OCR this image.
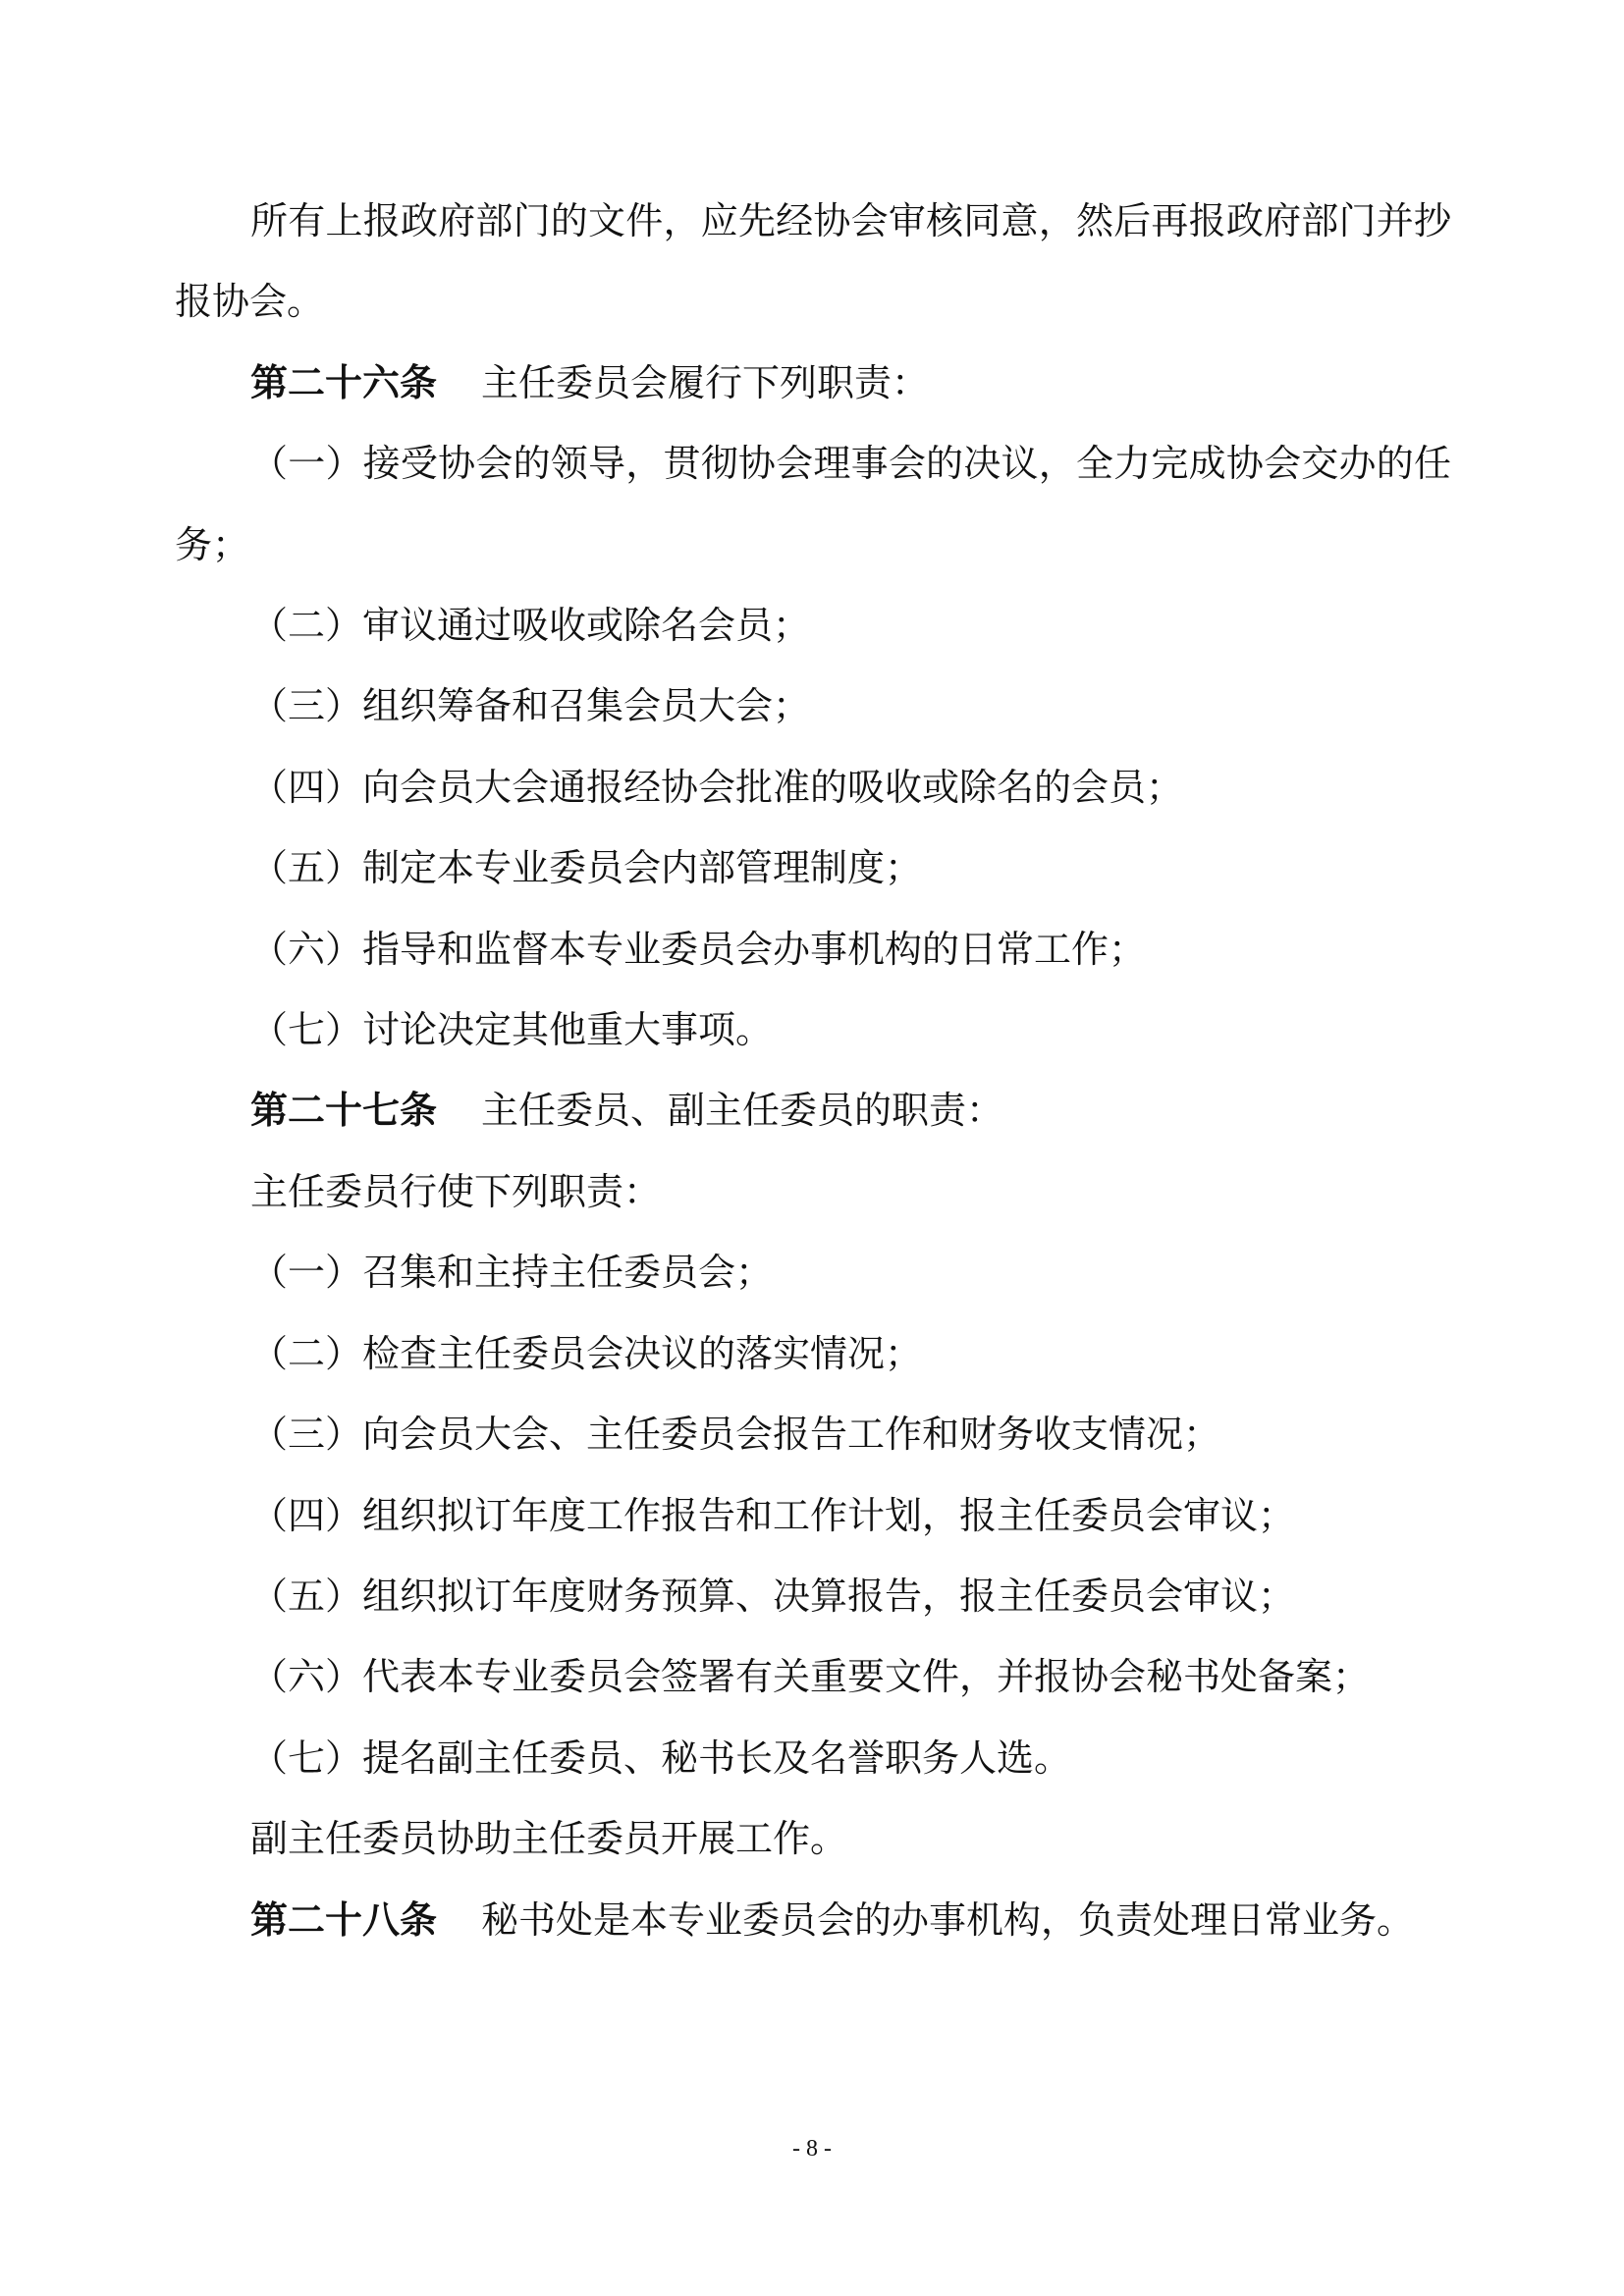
所有上报政府部门的文件，应先经协会审核同意，然后再报政府部门并抄报协会。

第二十六条 主任委员会履行下列职责：

（一）接受协会的领导，贯彻协会理事会的决议，全力完成协会交办的任务；

（二）审议通过吸收或除名会员；

（三）组织筹备和召集会员大会；

（四）向会员大会通报经协会批准的吸收或除名的会员；

（五）制定本专业委员会内部管理制度；

（六）指导和监督本专业委员会办事机构的日常工作；

（七）讨论决定其他重大事项。

第二十七条 主任委员、副主任委员的职责：

主任委员行使下列职责：

（一）召集和主持主任委员会；

（二）检查主任委员会决议的落实情况；

（三）向会员大会、主任委员会报告工作和财务收支情况；

（四）组织拟订年度工作报告和工作计划，报主任委员会审议；

（五）组织拟订年度财务预算、决算报告，报主任委员会审议；

（六）代表本专业委员会签署有关重要文件，并报协会秘书处备案；

（七）提名副主任委员、秘书长及名誉职务人选。

副主任委员协助主任委员开展工作。

第二十八条 秘书处是本专业委员会的办事机构，负责处理日常业务。

- 8 -
